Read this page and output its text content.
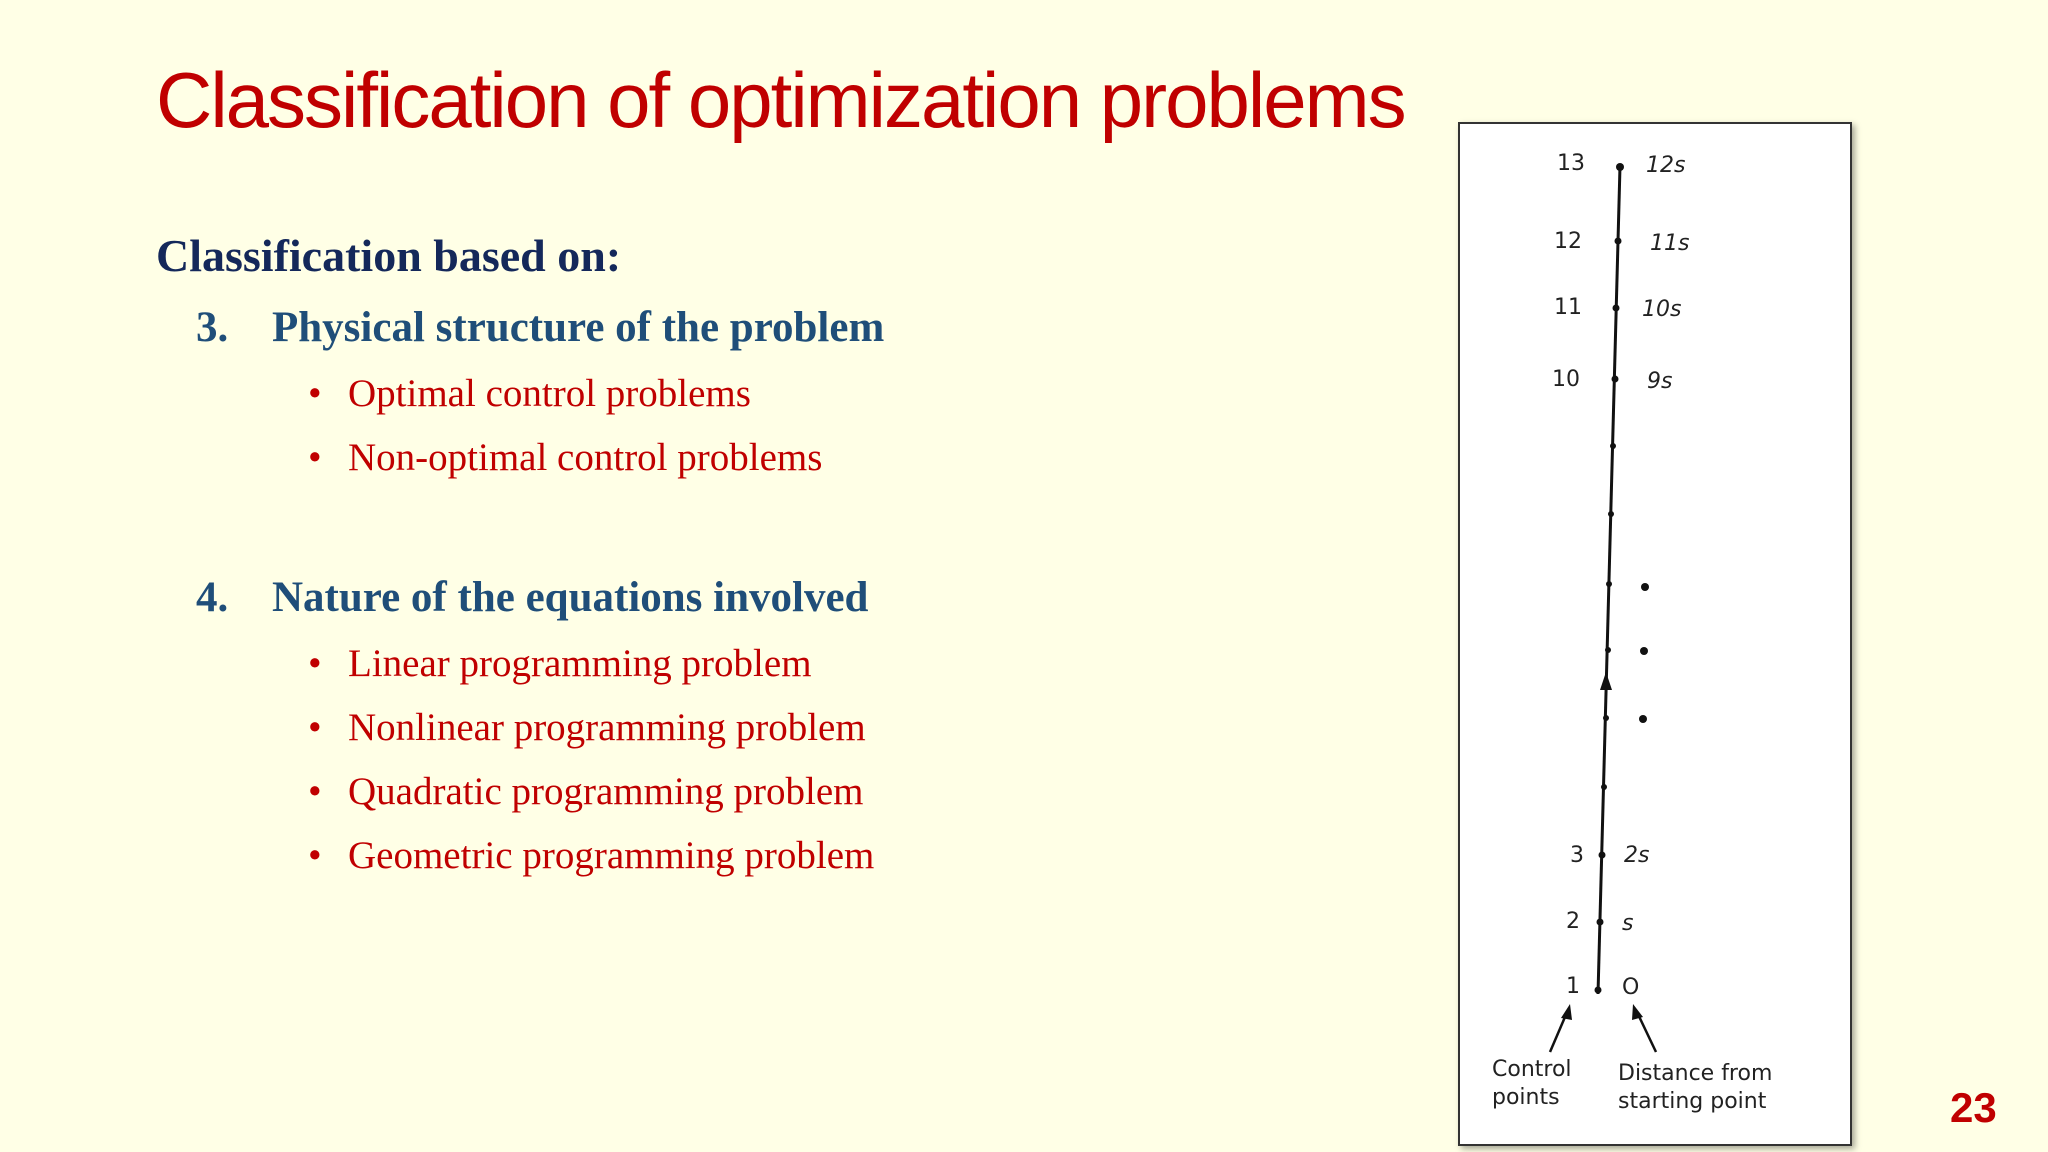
Classification of optimization problems
Classification based on:
3. Physical structure of the problem
• Optimal control problems
• Non-optimal control problems
4. Nature of the equations involved
• Linear programming problem
• Nonlinear programming problem
• Quadratic programming problem
• Geometric programming problem
13	12s
12	11s
11	10s
10	9s
3 2s
2 s
1 O
Control
points
Distance from
starting point	23
